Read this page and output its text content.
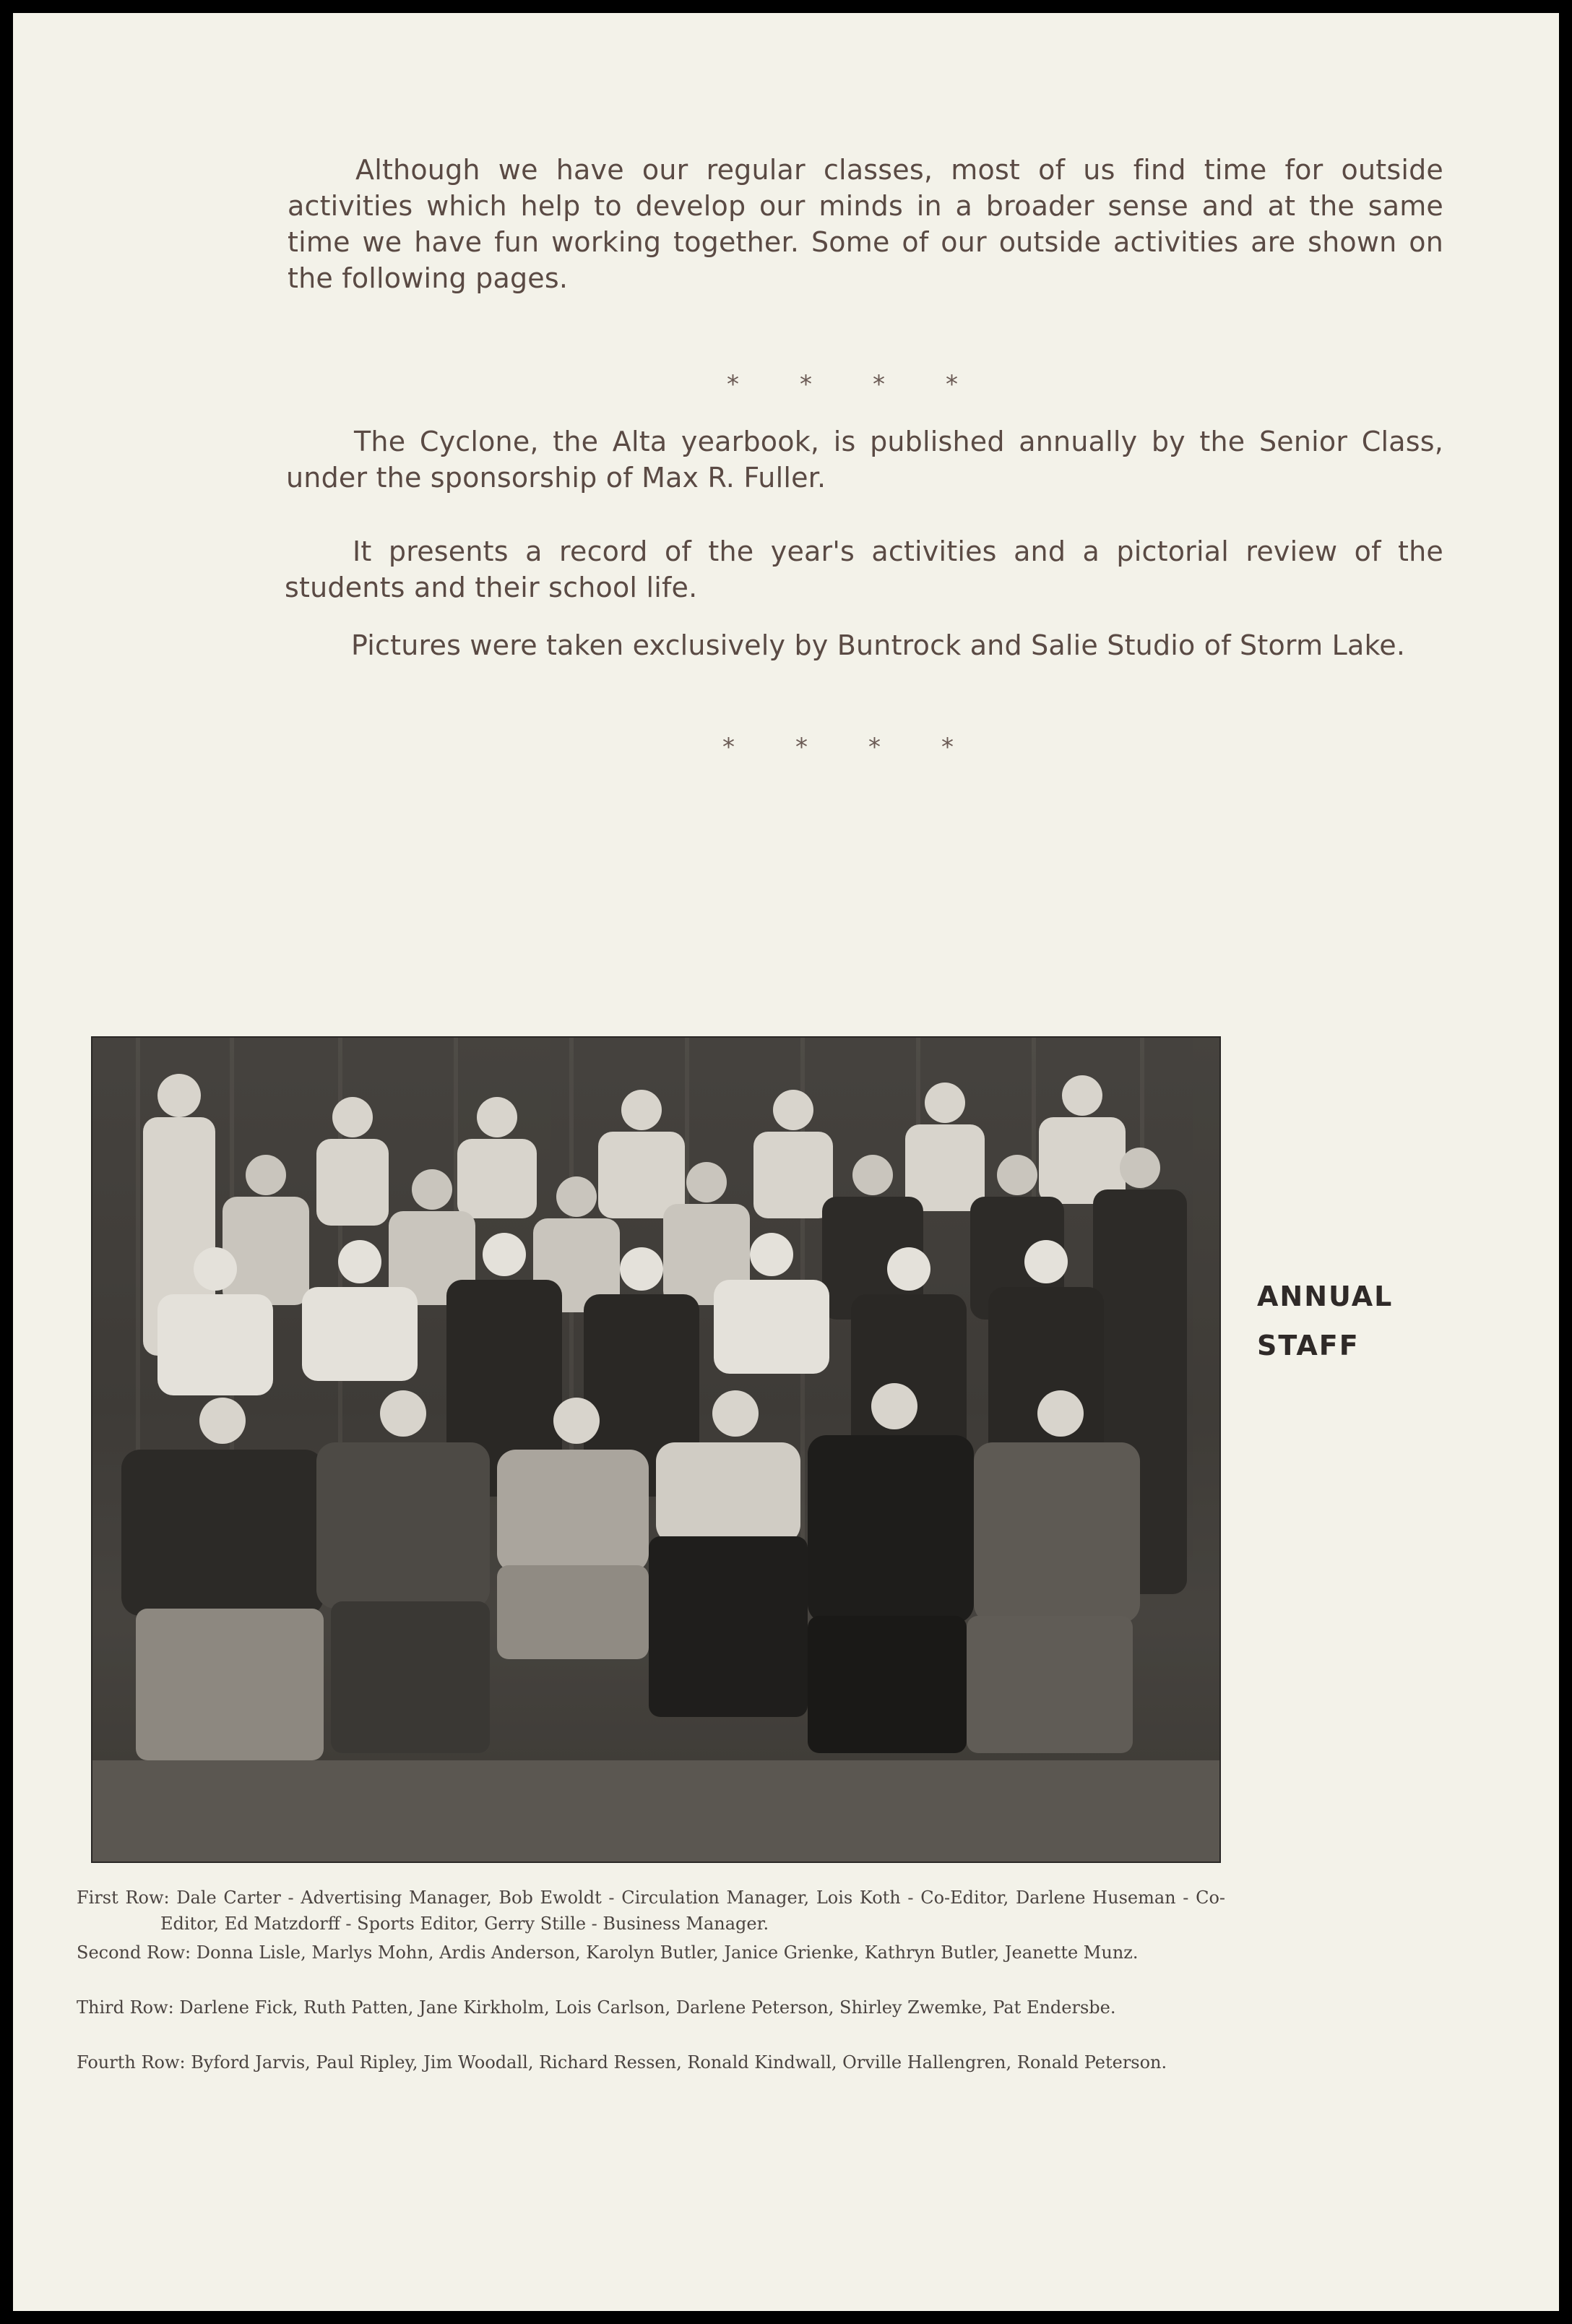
Although we have our regular classes, most of us find time for outside activities which help to develop our minds in a broader sense and at the same time we have fun working together. Some of our outside activities are shown on the following pages.

* * * *

The Cyclone, the Alta yearbook, is published annually by the Senior Class, under the sponsorship of Max R. Fuller.

It presents a record of the year's activities and a pictorial review of the students and their school life.

Pictures were taken exclusively by Buntrock and Salie Studio of Storm Lake.

* * * *
ANNUAL
STAFF
First Row: Dale Carter - Advertising Manager, Bob Ewoldt - Circulation Manager, Lois Koth - Co-Editor, Darlene Huseman - Co-Editor, Ed Matzdorff - Sports Editor, Gerry Stille - Business Manager.
Second Row: Donna Lisle, Marlys Mohn, Ardis Anderson, Karolyn Butler, Janice Grienke, Kathryn Butler, Jeanette Munz.
Third Row: Darlene Fick, Ruth Patten, Jane Kirkholm, Lois Carlson, Darlene Peterson, Shirley Zwemke, Pat Endersbe.
Fourth Row: Byford Jarvis, Paul Ripley, Jim Woodall, Richard Ressen, Ronald Kindwall, Orville Hallengren, Ronald Peterson.
